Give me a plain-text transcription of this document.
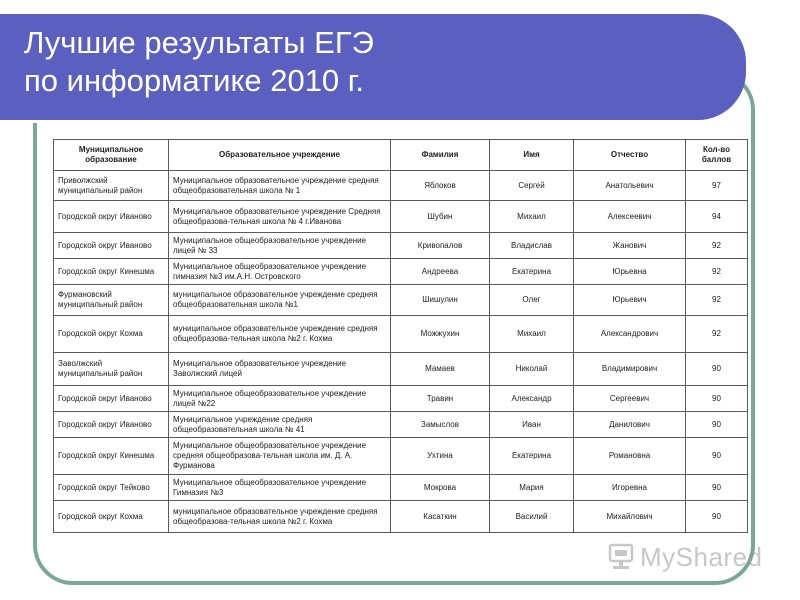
Лучшие результаты ЕГЭ
по информатике 2010 г.
Муниципальное образование	Образовательное учреждение	Фамилия	Имя	Отчество	Кол-во баллов
Приволжский муниципальный район	Муниципальное образовательное учреждение средняя общеобразовательная школа № 1	Яблоков	Сергей	Анатольевич	97
Городской округ Иваново	Муниципальное образовательное учреждение Средняя общеобразова-тельная школа № 4 г.Иванова	Шубин	Михаил	Алексеевич	94
Городской округ Иваново	Муниципальное общеобразовательное учреждение лицей № 33	Кривопалов	Владислав	Жанович	92
Городской округ Кинешма	Муниципальное общеобразовательное учреждение гимназия №3 им.А.Н. Островского	Андреева	Екатерина	Юрьевна	92
Фурмановский муниципальный район	муниципальное образовательное учреждение средняя общеобразовательная школа №1	Шишулин	Олег	Юрьевич	92
Городской округ Кохма	муниципальное образовательное учреждение средняя общеобразова-тельная школа №2 г. Кохма	Можжухин	Михаил	Александрович	92
Заволжский муниципальный район	Муниципальное образовательное учреждение Заволжский лицей	Мамаев	Николай	Владимирович	90
Городской округ Иваново	Муниципальное общеобразовательное учреждение лицей №22	Травин	Александр	Сергеевич	90
Городской округ Иваново	Муниципальное учреждение средняя общеобразовательная школа № 41	Замыслов	Иван	Данилович	90
Городской округ Кинешма	Муниципальное общеобразовательное учреждение средняя общеобразова-тельная школа им. Д. А. Фурманова	Ухтина	Екатерина	Романовна	90
Городской округ Тейково	Муниципальное общеобразовательное учреждение Гимназия №3	Мокрова	Мария	Игоревна	90
Городской округ Кохма	муниципальное образовательное учреждение средняя общеобразова-тельная школа №2 г. Кохма	Касаткин	Василий	Михайлович	90
MyShared
